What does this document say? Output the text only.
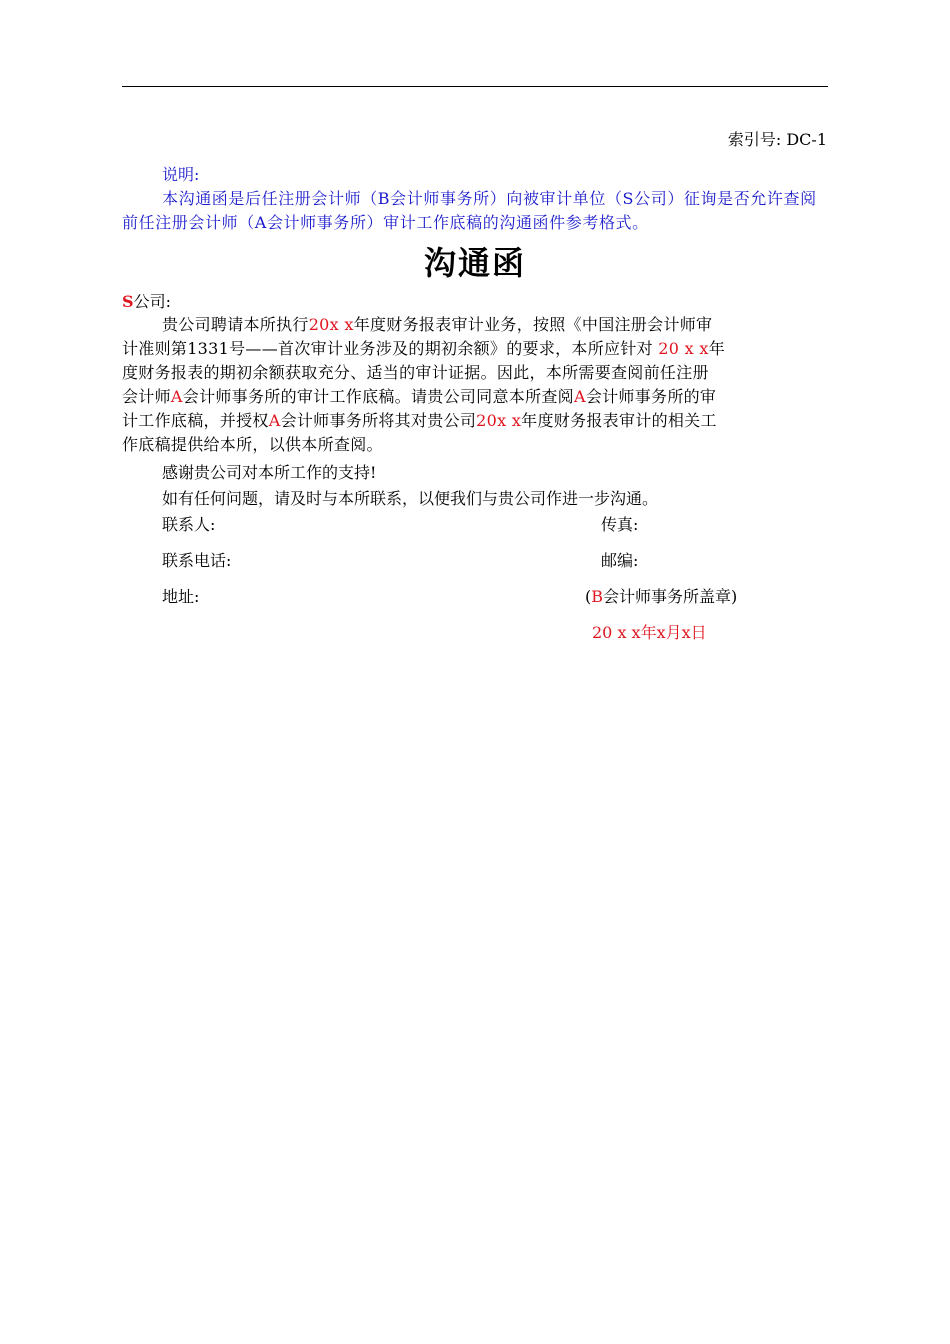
索引号: DC-1
说明:
本沟通函是后任注册会计师（B会计师事务所）向被审计单位（S公司）征询是否允许查阅前任注册会计师（A会计师事务所）审计工作底稿的沟通函件参考格式。
沟通函
S公司:
贵公司聘请本所执行20x x年度财务报表审计业务，按照《中国注册会计师审
计准则第1331号——首次审计业务涉及的期初余额》的要求，本所应针对 20 x x年
度财务报表的期初余额获取充分、适当的审计证据。因此，本所需要查阅前任注册
会计师A会计师事务所的审计工作底稿。请贵公司同意本所查阅A会计师事务所的审
计工作底稿，并授权A会计师事务所将其对贵公司20x x年度财务报表审计的相关工
作底稿提供给本所，以供本所查阅。
感谢贵公司对本所工作的支持!
如有任何问题，请及时与本所联系，以便我们与贵公司作进一步沟通。
联系人:	传真:
联系电话:	邮编:
地址:	(B会计师事务所盖章)
20 x x年x月x日
